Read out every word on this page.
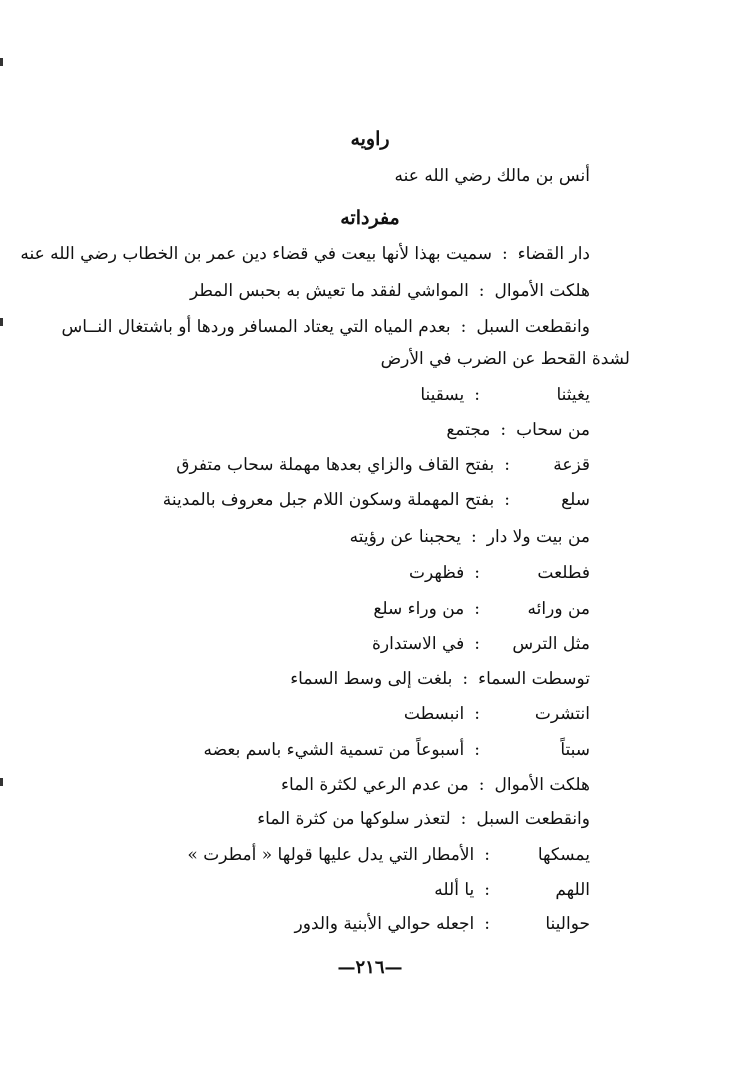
راويه
أنس بن مالك رضي الله عنه
مفرداته
دار القضاء:سميت بهذا لأنها بيعت في قضاء دين عمر بن الخطاب رضي الله عنه
هلكت الأموال:المواشي لفقد ما تعيش به بحبس المطر
وانقطعت السبل:بعدم المياه التي يعتاد المسافر وردها أو باشتغال النــاس
لشدة القحط عن الضرب في الأرض
يغيثنا:يسقينا
من سحاب:مجتمع
قزعة:بفتح القاف والزاي بعدها مهملة سحاب متفرق
سلع:بفتح المهملة وسكون اللام جبل معروف بالمدينة
من بيت ولا دار:يحجبنا عن رؤيته
فطلعت:فظهرت
من ورائه:من وراء سلع
مثل الترس:في الاستدارة
توسطت السماء:بلغت إلى وسط السماء
انتشرت:انبسطت
سبتاً:أسبوعاً من تسمية الشيء باسم بعضه
هلكت الأموال:من عدم الرعي لكثرة الماء
وانقطعت السبل:لتعذر سلوكها من كثرة الماء
يمسكها:الأمطار التي يدل عليها قولها « أمطرت »
اللهم:يا ألله
حوالينا:اجعله حوالي الأبنية والدور
—٢١٦—
